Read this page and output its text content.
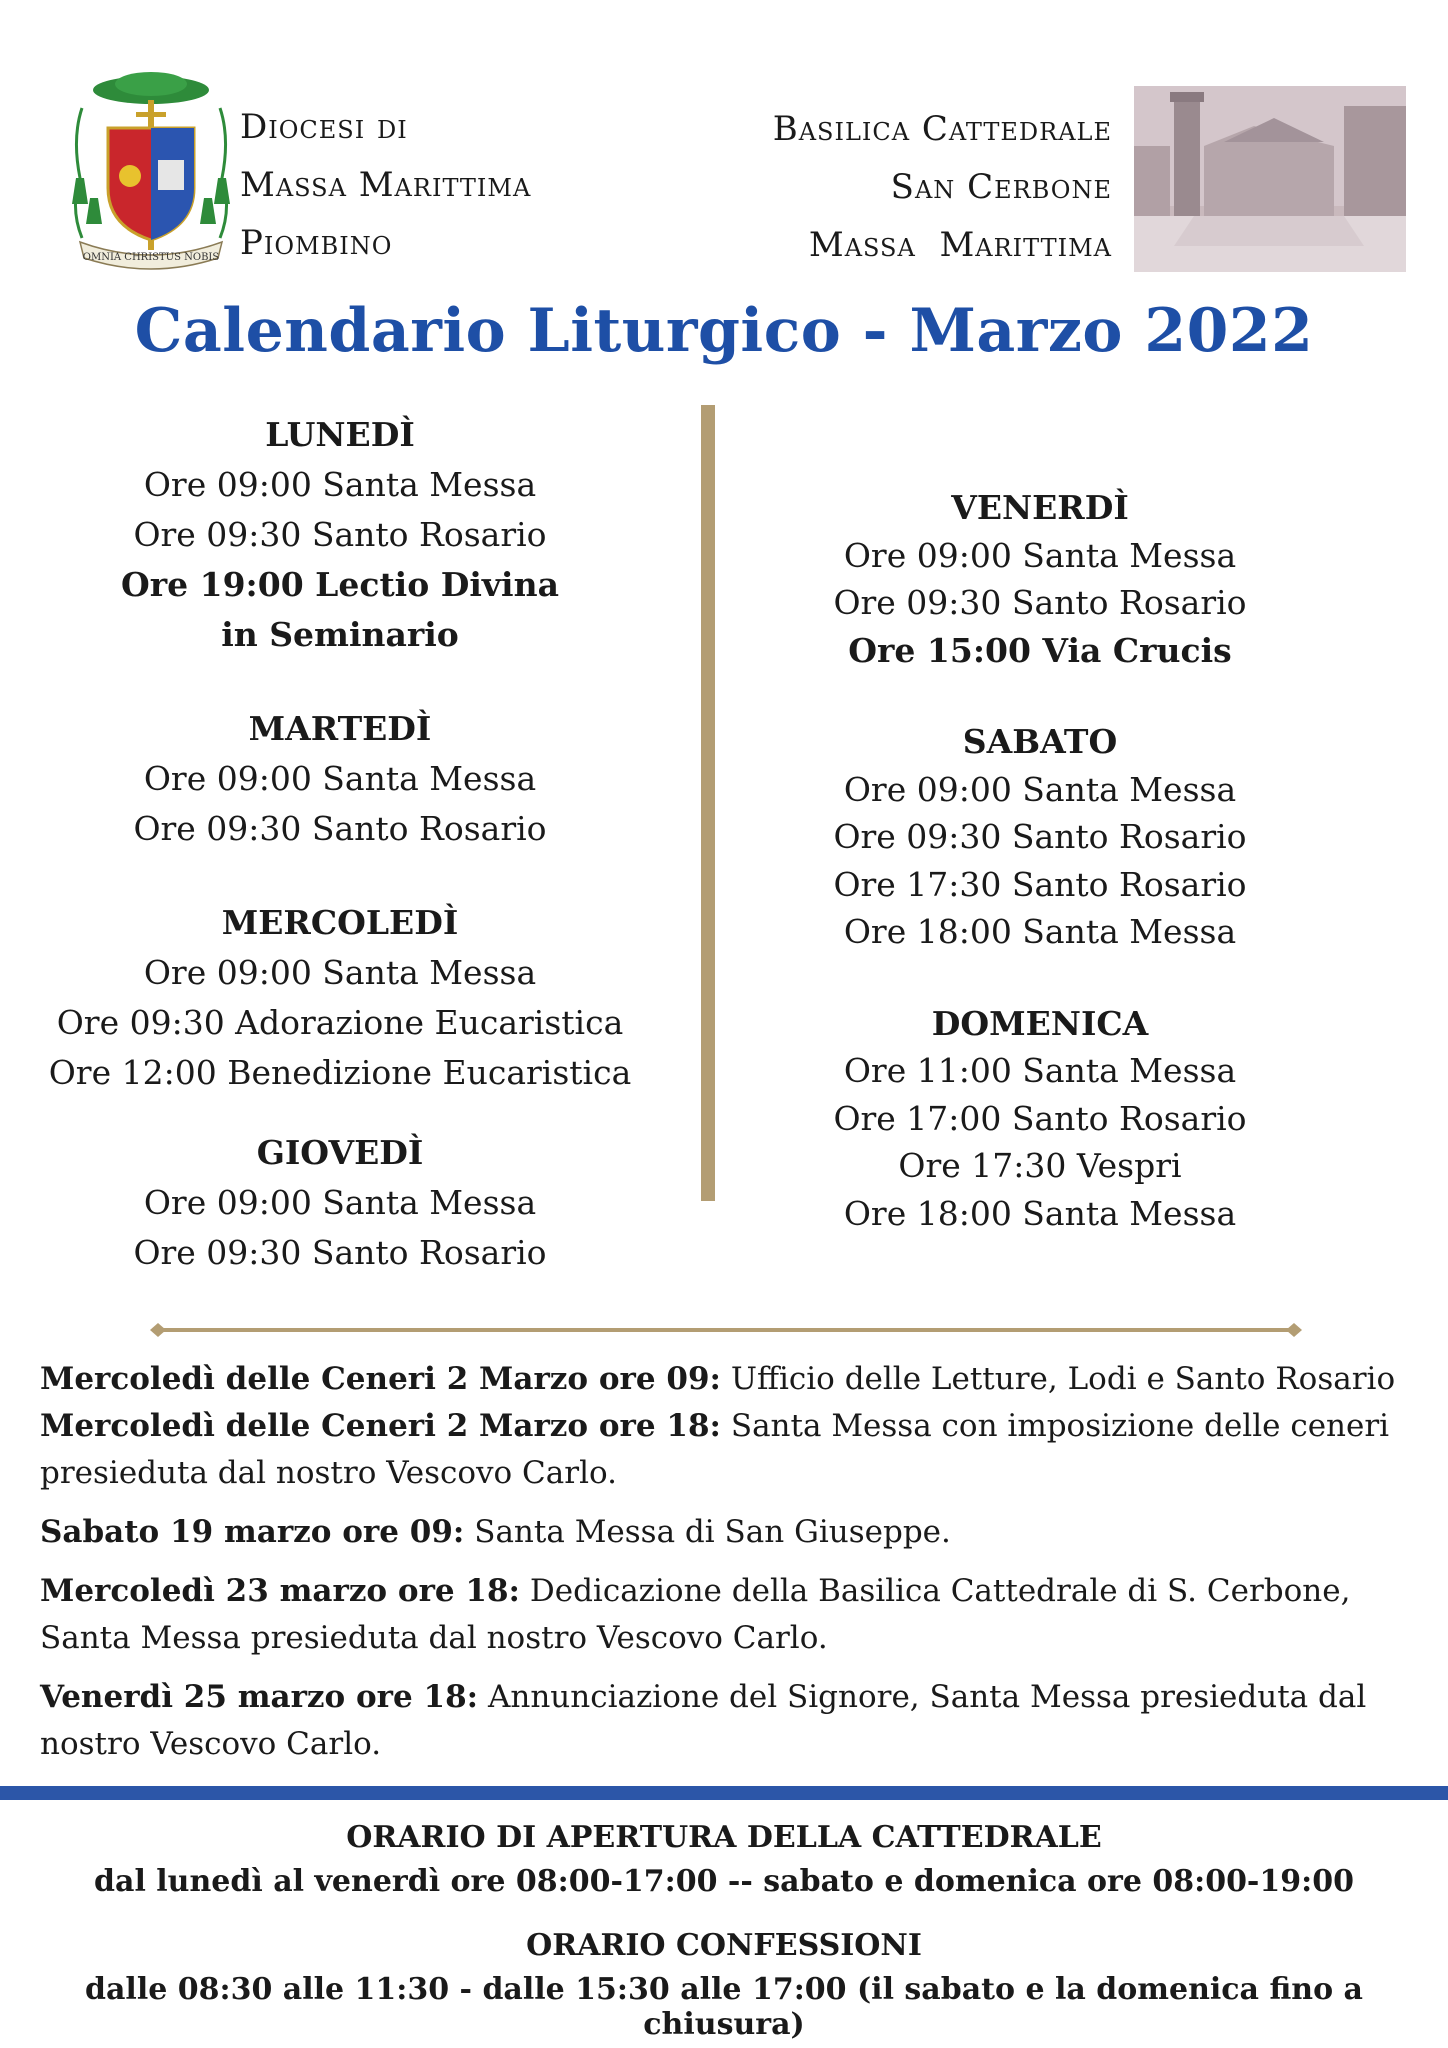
OMNIA CHRISTUS NOBIS
Diocesi di
Massa Marittima
Piombino
Basilica Cattedrale
San Cerbone
Massa  Marittima
Calendario Liturgico - Marzo 2022
LUNEDÌ
Ore 09:00 Santa Messa
Ore 09:30 Santo Rosario
Ore 19:00 Lectio Divina
in Seminario
MARTEDÌ
Ore 09:00 Santa Messa
Ore 09:30 Santo Rosario
MERCOLEDÌ
Ore 09:00 Santa Messa
Ore 09:30 Adorazione Eucaristica
Ore 12:00 Benedizione Eucaristica
GIOVEDÌ
Ore 09:00 Santa Messa
Ore 09:30 Santo Rosario
VENERDÌ
Ore 09:00 Santa Messa
Ore 09:30 Santo Rosario
Ore 15:00 Via Crucis
SABATO
Ore 09:00 Santa Messa
Ore 09:30 Santo Rosario
Ore 17:30 Santo Rosario
Ore 18:00 Santa Messa
DOMENICA
Ore 11:00 Santa Messa
Ore 17:00 Santo Rosario
Ore 17:30 Vespri
Ore 18:00 Santa Messa

Mercoledì delle Ceneri 2 Marzo ore 09: Ufficio delle Letture, Lodi e Santo Rosario

Mercoledì delle Ceneri 2 Marzo ore 18: Santa Messa con imposizione delle ceneri presieduta dal nostro Vescovo Carlo.

Sabato 19 marzo ore 09: Santa Messa di San Giuseppe.

Mercoledì 23 marzo ore 18: Dedicazione della Basilica Cattedrale di S. Cerbone, Santa Messa presieduta dal nostro Vescovo Carlo.

Venerdì 25 marzo ore 18: Annunciazione del Signore, Santa Messa presieduta dal nostro Vescovo Carlo.

ORARIO DI APERTURA DELLA CATTEDRALE
dal lunedì al venerdì ore 08:00-17:00 -- sabato e domenica ore 08:00-19:00
ORARIO CONFESSIONI
dalle 08:30 alle 11:30 - dalle 15:30 alle 17:00 (il sabato e la domenica fino a chiusura)
